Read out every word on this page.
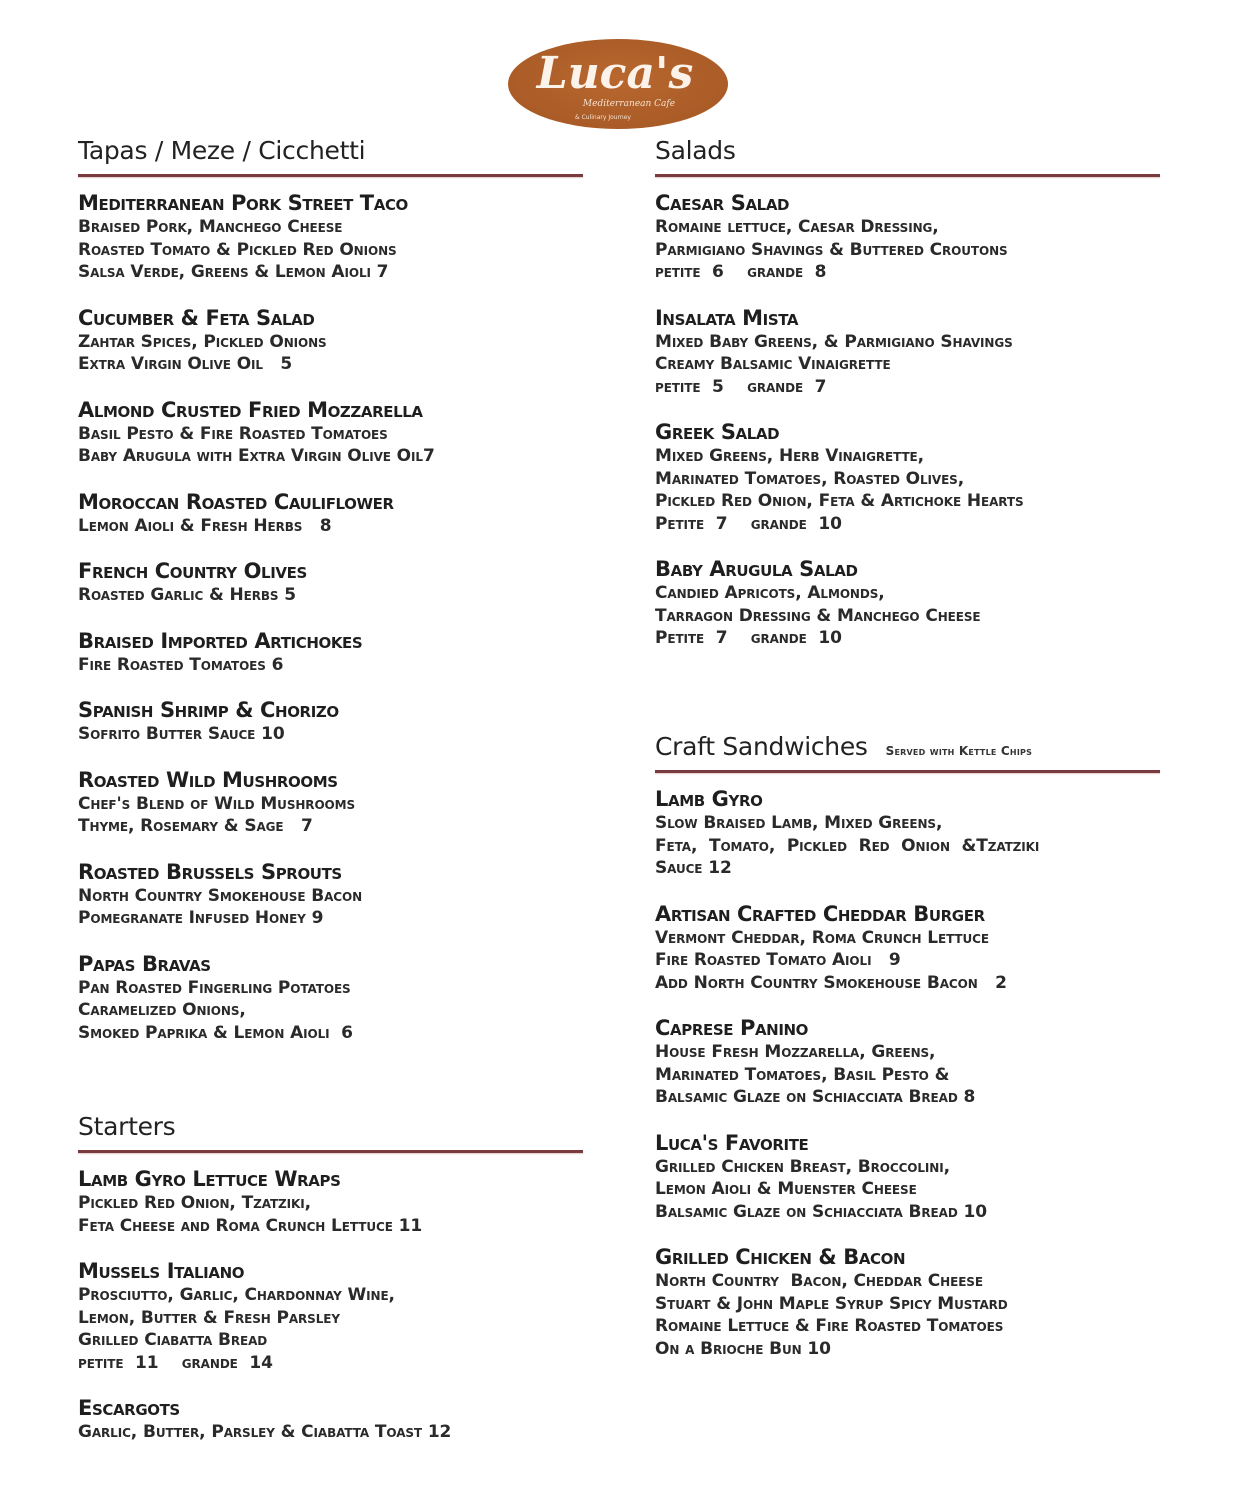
Luca's
Mediterranean Cafe
& Culinary Journey
Tapas / Meze / Cicchetti
Mediterranean Pork Street Taco
Braised Pork, Manchego Cheese
Roasted Tomato & Pickled Red Onions
Salsa Verde, Greens & Lemon Aioli 7
Cucumber & Feta Salad
Zahtar Spices, Pickled Onions
Extra Virgin Olive Oil   5
Almond Crusted Fried Mozzarella
Basil Pesto & Fire Roasted Tomatoes
Baby Arugula with Extra Virgin Olive Oil7
Moroccan Roasted Cauliflower
Lemon Aioli & Fresh Herbs   8
French Country Olives
Roasted Garlic & Herbs 5
Braised Imported Artichokes
Fire Roasted Tomatoes 6
Spanish Shrimp & Chorizo
Sofrito Butter Sauce 10
Roasted Wild Mushrooms
Chef's Blend of Wild Mushrooms
Thyme, Rosemary & Sage   7
Roasted Brussels Sprouts
North Country Smokehouse Bacon
Pomegranate Infused Honey 9
Papas Bravas
Pan Roasted Fingerling Potatoes
Caramelized Onions,
Smoked Paprika & Lemon Aioli  6
Starters
Lamb Gyro Lettuce Wraps
Pickled Red Onion, Tzatziki,
Feta Cheese and Roma Crunch Lettuce 11
Mussels Italiano
Prosciutto, Garlic, Chardonnay Wine,
Lemon, Butter & Fresh Parsley
Grilled Ciabatta Bread
petite  11    grande  14
Escargots
Garlic, Butter, Parsley & Ciabatta Toast 12
Salads
Caesar Salad
Romaine lettuce, Caesar Dressing,
Parmigiano Shavings & Buttered Croutons
petite  6    grande  8
Insalata Mista
Mixed Baby Greens, & Parmigiano Shavings
Creamy Balsamic Vinaigrette
petite  5    grande  7
Greek Salad
Mixed Greens, Herb Vinaigrette,
Marinated Tomatoes, Roasted Olives,
Pickled Red Onion, Feta & Artichoke Hearts
Petite  7    grande  10
Baby Arugula Salad
Candied Apricots, Almonds,
Tarragon Dressing & Manchego Cheese
Petite  7    grande  10
Craft Sandwiches Served with Kettle Chips
Lamb Gyro
Slow Braised Lamb, Mixed Greens,
Feta,  Tomato,  Pickled  Red  Onion  &Tzatziki
Sauce 12
Artisan Crafted Cheddar Burger
Vermont Cheddar, Roma Crunch Lettuce
Fire Roasted Tomato Aioli   9
Add North Country Smokehouse Bacon   2
Caprese Panino
House Fresh Mozzarella, Greens,
Marinated Tomatoes, Basil Pesto &
Balsamic Glaze on Schiacciata Bread 8
Luca's Favorite
Grilled Chicken Breast, Broccolini,
Lemon Aioli & Muenster Cheese
Balsamic Glaze on Schiacciata Bread 10
Grilled Chicken & Bacon
North Country  Bacon, Cheddar Cheese
Stuart & John Maple Syrup Spicy Mustard
Romaine Lettuce & Fire Roasted Tomatoes
On a Brioche Bun 10
